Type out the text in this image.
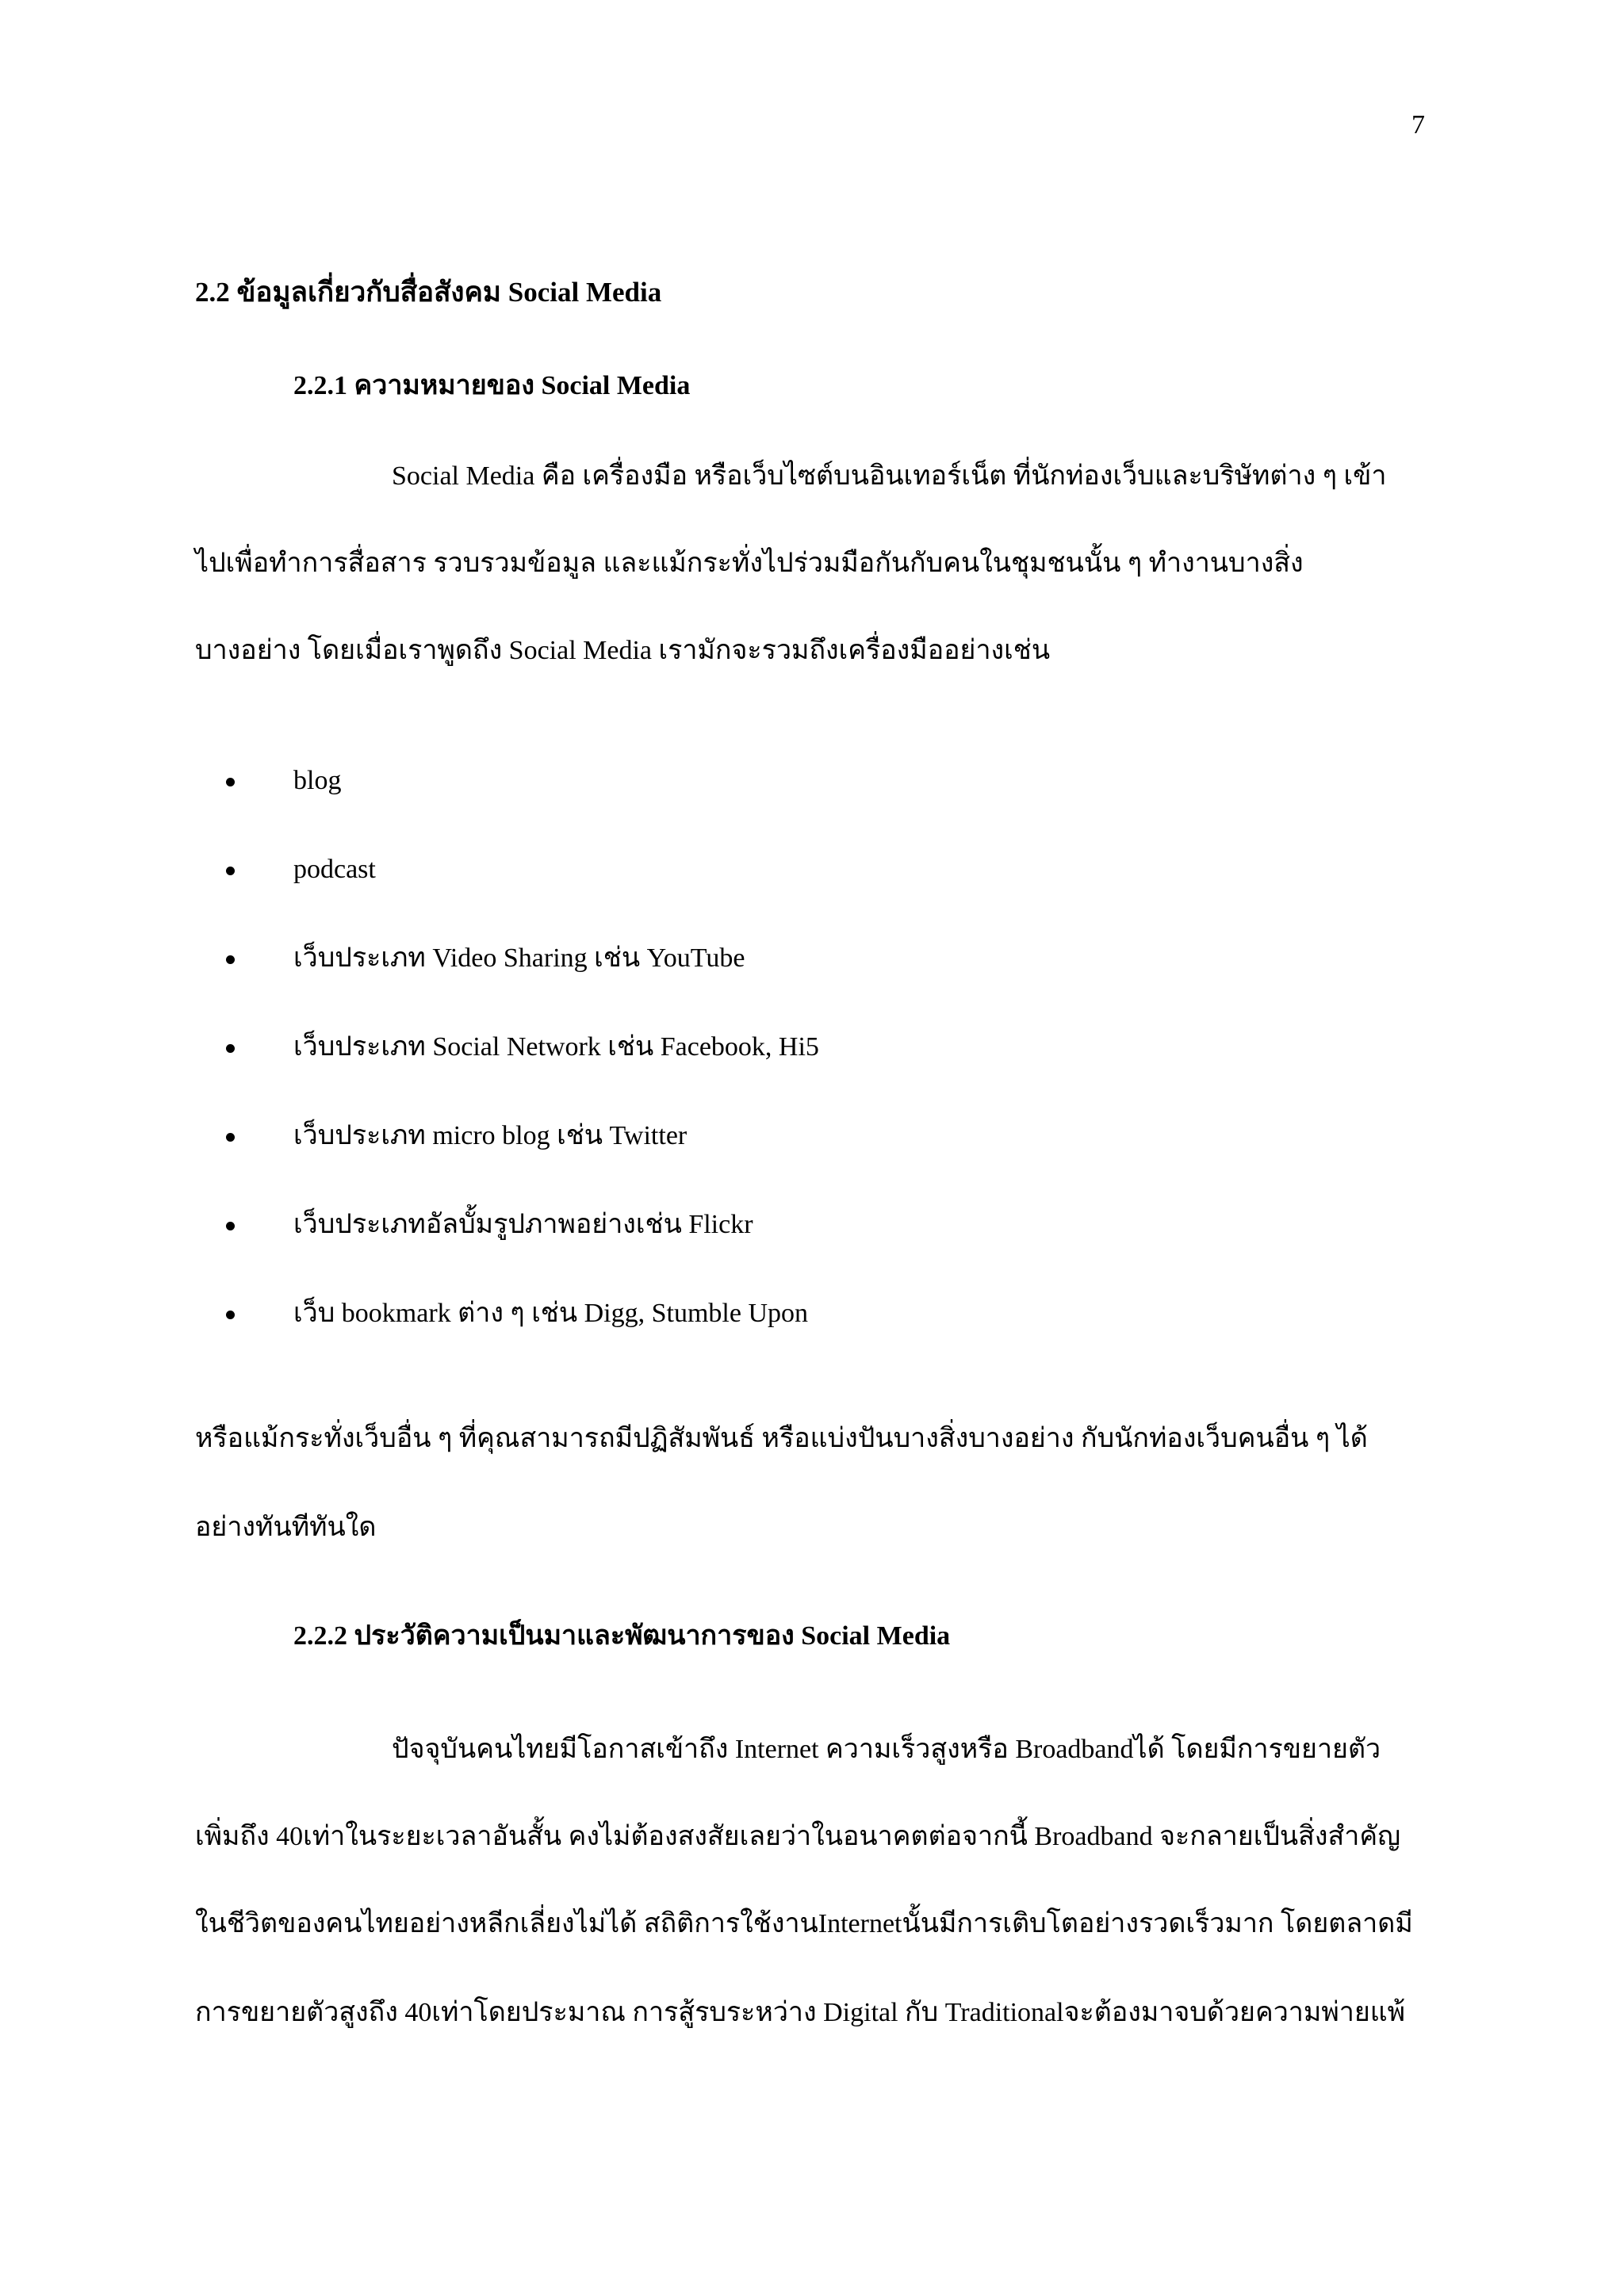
7
2.2 ข้อมูลเกี่ยวกับสื่อสังคม Social Media
2.2.1 ความหมายของ Social Media
Social Media คือ เครื่องมือ หรือเว็บไซต์บนอินเทอร์เน็ต ที่นักท่องเว็บและบริษัทต่าง ๆ เข้า
ไปเพื่อทำการสื่อสาร รวบรวมข้อมูล และแม้กระทั่งไปร่วมมือกันกับคนในชุมชนนั้น ๆ ทำงานบางสิ่ง
บางอย่าง โดยเมื่อเราพูดถึง Social Media เรามักจะรวมถึงเครื่องมืออย่างเช่น
blog
podcast
เว็บประเภท Video Sharing เช่น YouTube
เว็บประเภท Social Network เช่น Facebook, Hi5
เว็บประเภท micro blog เช่น Twitter
เว็บประเภทอัลบั้มรูปภาพอย่างเช่น Flickr
เว็บ bookmark ต่าง ๆ เช่น Digg, Stumble Upon
หรือแม้กระทั่งเว็บอื่น ๆ ที่คุณสามารถมีปฏิสัมพันธ์ หรือแบ่งปันบางสิ่งบางอย่าง กับนักท่องเว็บคนอื่น ๆ ได้
อย่างทันทีทันใด
2.2.2 ประวัติความเป็นมาและพัฒนาการของ Social Media
ปัจจุบันคนไทยมีโอกาสเข้าถึง Internet ความเร็วสูงหรือ Broadbandได้ โดยมีการขยายตัว
เพิ่มถึง 40เท่าในระยะเวลาอันสั้น คงไม่ต้องสงสัยเลยว่าในอนาคตต่อจากนี้ Broadband จะกลายเป็นสิ่งสำคัญ
ในชีวิตของคนไทยอย่างหลีกเลี่ยงไม่ได้ สถิติการใช้งานInternetนั้นมีการเติบโตอย่างรวดเร็วมาก โดยตลาดมี
การขยายตัวสูงถึง 40เท่าโดยประมาณ การสู้รบระหว่าง Digital กับ Traditionalจะต้องมาจบด้วยความพ่ายแพ้
